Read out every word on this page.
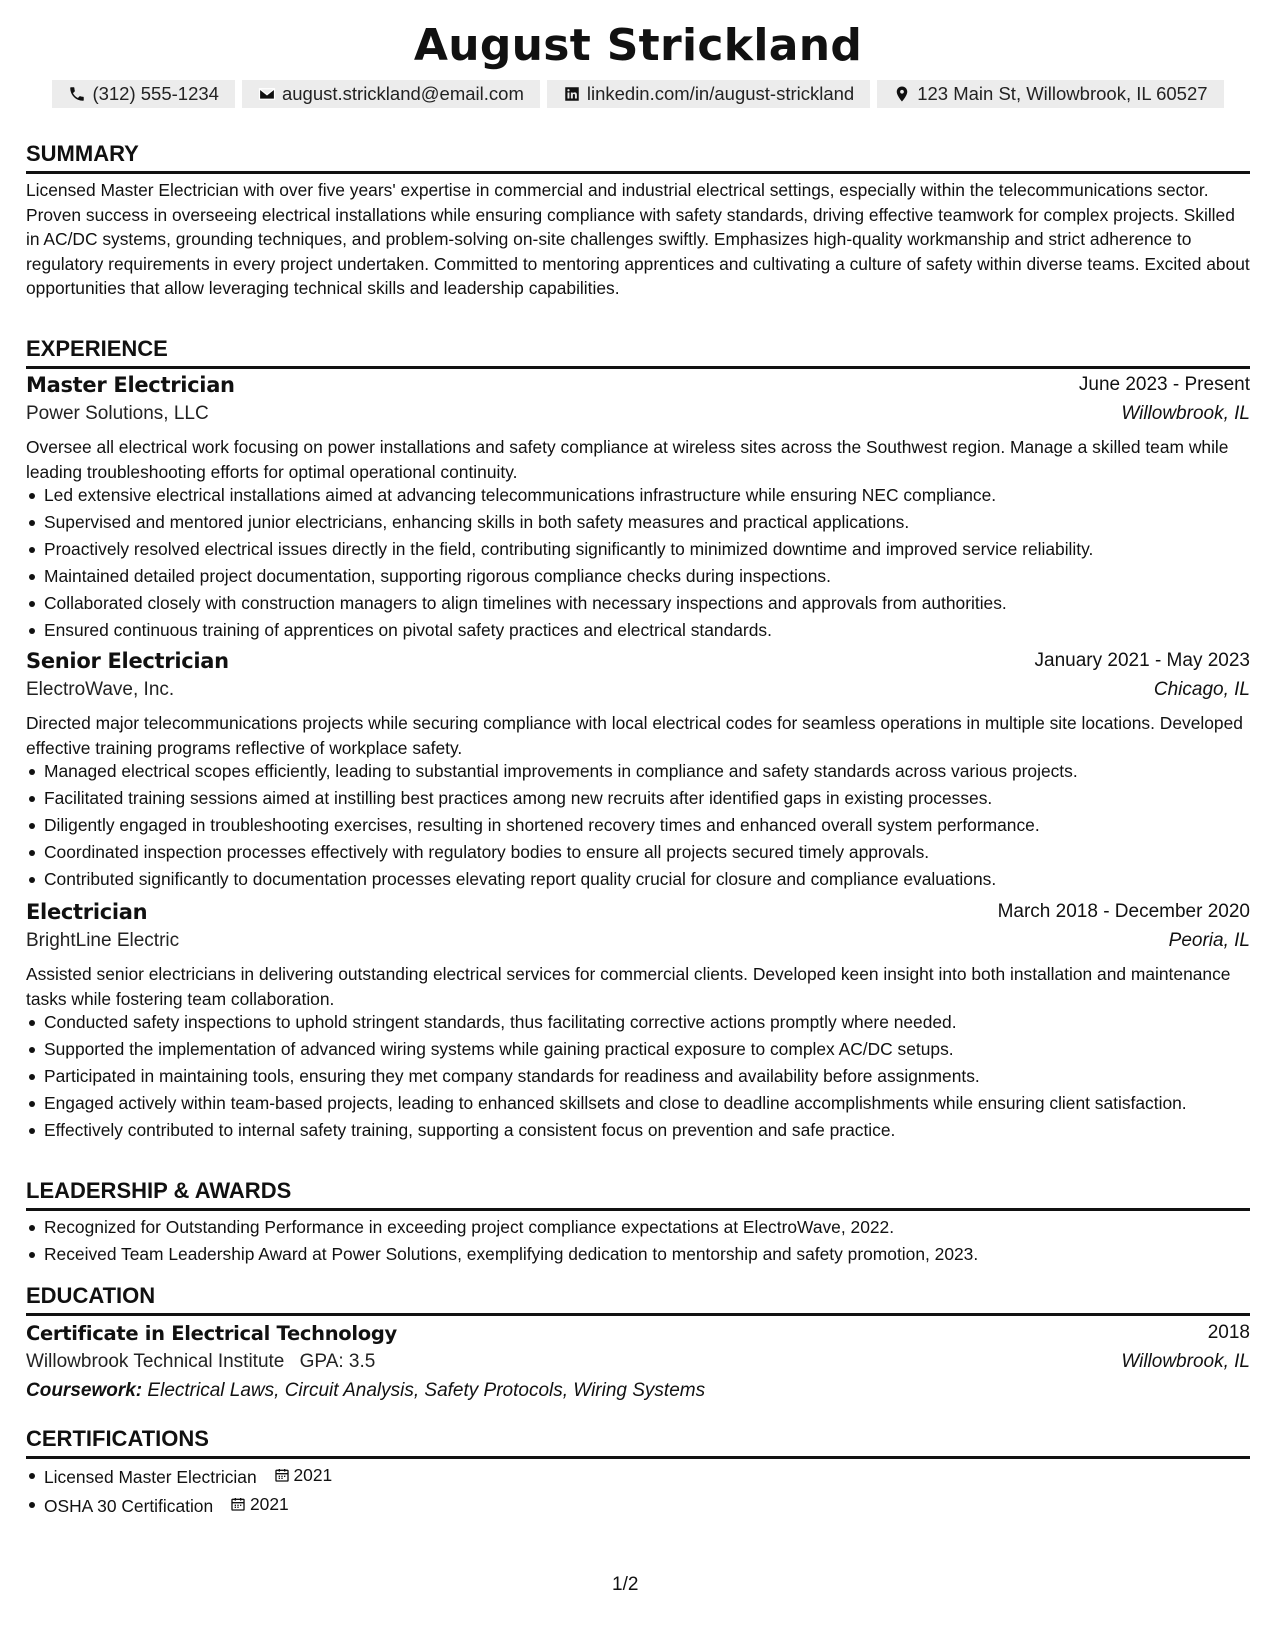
August Strickland
(312) 555-1234	august.strickland@email.com	linkedin.com/in/august-strickland	123 Main St, Willowbrook, IL 60527
SUMMARY
Licensed Master Electrician with over five years' expertise in commercial and industrial electrical settings, especially within the telecommunications sector. Proven success in overseeing electrical installations while ensuring compliance with safety standards, driving effective teamwork for complex projects. Skilled in AC/DC systems, grounding techniques, and problem-solving on-site challenges swiftly. Emphasizes high-quality workmanship and strict adherence to regulatory requirements in every project undertaken. Committed to mentoring apprentices and cultivating a culture of safety within diverse teams. Excited about opportunities that allow leveraging technical skills and leadership capabilities.
EXPERIENCE
Master Electrician	June 2023 - Present
Power Solutions, LLC	Willowbrook, IL
Oversee all electrical work focusing on power installations and safety compliance at wireless sites across the Southwest region. Manage a skilled team while leading troubleshooting efforts for optimal operational continuity.
Led extensive electrical installations aimed at advancing telecommunications infrastructure while ensuring NEC compliance.
Supervised and mentored junior electricians, enhancing skills in both safety measures and practical applications.
Proactively resolved electrical issues directly in the field, contributing significantly to minimized downtime and improved service reliability.
Maintained detailed project documentation, supporting rigorous compliance checks during inspections.
Collaborated closely with construction managers to align timelines with necessary inspections and approvals from authorities.
Ensured continuous training of apprentices on pivotal safety practices and electrical standards.
Senior Electrician	January 2021 - May 2023
ElectroWave, Inc.	Chicago, IL
Directed major telecommunications projects while securing compliance with local electrical codes for seamless operations in multiple site locations. Developed effective training programs reflective of workplace safety.
Managed electrical scopes efficiently, leading to substantial improvements in compliance and safety standards across various projects.
Facilitated training sessions aimed at instilling best practices among new recruits after identified gaps in existing processes.
Diligently engaged in troubleshooting exercises, resulting in shortened recovery times and enhanced overall system performance.
Coordinated inspection processes effectively with regulatory bodies to ensure all projects secured timely approvals.
Contributed significantly to documentation processes elevating report quality crucial for closure and compliance evaluations.
Electrician	March 2018 - December 2020
BrightLine Electric	Peoria, IL
Assisted senior electricians in delivering outstanding electrical services for commercial clients. Developed keen insight into both installation and maintenance tasks while fostering team collaboration.
Conducted safety inspections to uphold stringent standards, thus facilitating corrective actions promptly where needed.
Supported the implementation of advanced wiring systems while gaining practical exposure to complex AC/DC setups.
Participated in maintaining tools, ensuring they met company standards for readiness and availability before assignments.
Engaged actively within team-based projects, leading to enhanced skillsets and close to deadline accomplishments while ensuring client satisfaction.
Effectively contributed to internal safety training, supporting a consistent focus on prevention and safe practice.
LEADERSHIP & AWARDS
Recognized for Outstanding Performance in exceeding project compliance expectations at ElectroWave, 2022.
Received Team Leadership Award at Power Solutions, exemplifying dedication to mentorship and safety promotion, 2023.
EDUCATION
Certificate in Electrical Technology	2018
Willowbrook Technical Institute GPA: 3.5	Willowbrook, IL
Coursework: Electrical Laws, Circuit Analysis, Safety Protocols, Wiring Systems
CERTIFICATIONS
Licensed Master Electrician 2021
OSHA 30 Certification 2021
1/2
